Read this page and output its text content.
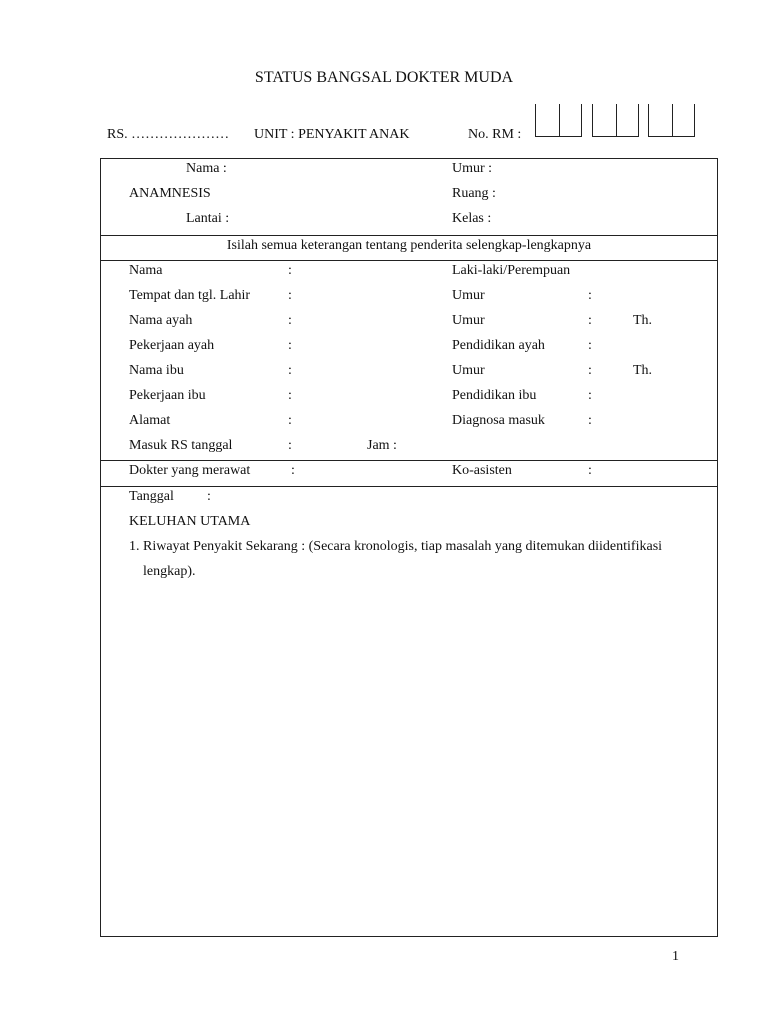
STATUS BANGSAL DOKTER MUDA
RS. ………………… UNIT : PENYAKIT ANAK	No. RM :
Nama :	Umur :
ANAMNESIS	Ruang :
Lantai :	Kelas :
Isilah semua keterangan tentang penderita selengkap-lengkapnya
Nama	:	Laki-laki/Perempuan
Tempat dan tgl. Lahir	:	Umur	:
Nama ayah	:	Umur	:	Th.
Pekerjaan ayah	:	Pendidikan ayah	:
Nama ibu	:	Umur	:	Th.
Pekerjaan ibu	:	Pendidikan ibu	:
Alamat	:	Diagnosa masuk	:
Masuk RS tanggal	:	Jam :
Dokter yang merawat	:	Ko-asisten	:
Tanggal :
KELUHAN UTAMA
1. Riwayat Penyakit Sekarang : (Secara kronologis, tiap masalah yang ditemukan diidentifikasi
lengkap).
1
